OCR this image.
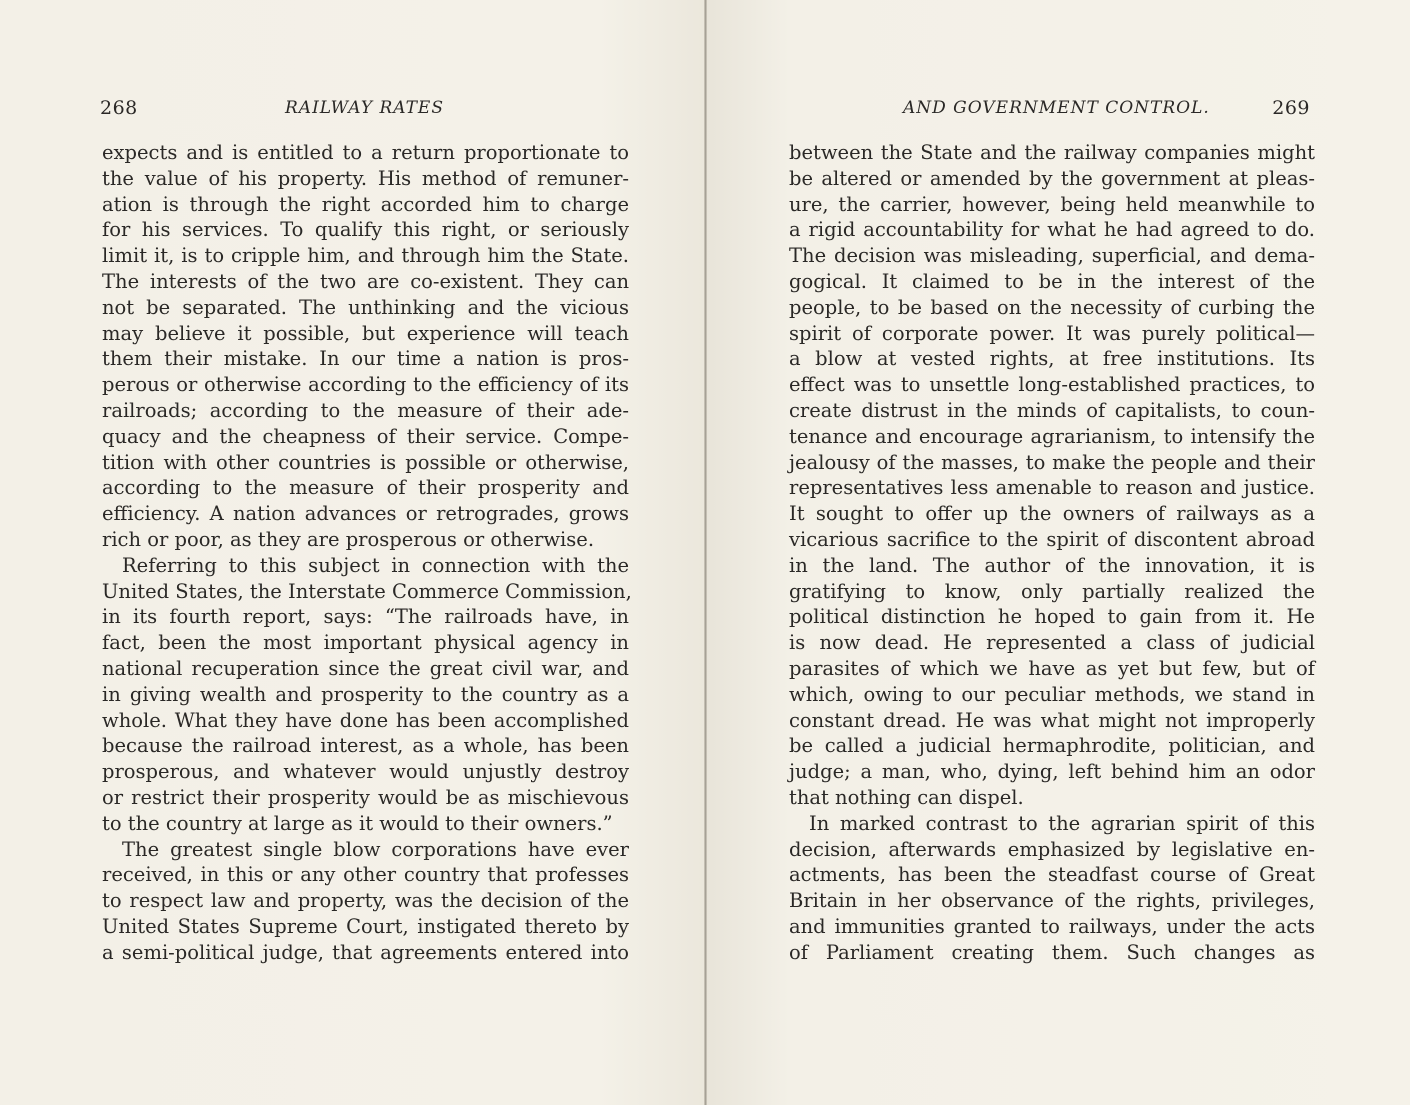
268	RAILWAY RATES
expects and is entitled to a return proportionate to
the value of his property. His method of remuner-
ation is through the right accorded him to charge
for his services. To qualify this right, or seriously
limit it, is to cripple him, and through him the State.
The interests of the two are co-existent. They can
not be separated. The unthinking and the vicious
may believe it possible, but experience will teach
them their mistake. In our time a nation is pros-
perous or otherwise according to the efficiency of its
railroads; according to the measure of their ade-
quacy and the cheapness of their service. Compe-
tition with other countries is possible or otherwise,
according to the measure of their prosperity and
efficiency. A nation advances or retrogrades, grows
rich or poor, as they are prosperous or otherwise.
Referring to this subject in connection with the
United States, the Interstate Commerce Commission,
in its fourth report, says: “The railroads have, in
fact, been the most important physical agency in
national recuperation since the great civil war, and
in giving wealth and prosperity to the country as a
whole. What they have done has been accomplished
because the railroad interest, as a whole, has been
prosperous, and whatever would unjustly destroy
or restrict their prosperity would be as mischievous
to the country at large as it would to their owners.”
The greatest single blow corporations have ever
received, in this or any other country that professes
to respect law and property, was the decision of the
United States Supreme Court, instigated thereto by
a semi-political judge, that agreements entered into
AND GOVERNMENT CONTROL.	269
between the State and the railway companies might
be altered or amended by the government at pleas-
ure, the carrier, however, being held meanwhile to
a rigid accountability for what he had agreed to do.
The decision was misleading, superficial, and dema-
gogical. It claimed to be in the interest of the
people, to be based on the necessity of curbing the
spirit of corporate power. It was purely political—
a blow at vested rights, at free institutions. Its
effect was to unsettle long-established practices, to
create distrust in the minds of capitalists, to coun-
tenance and encourage agrarianism, to intensify the
jealousy of the masses, to make the people and their
representatives less amenable to reason and justice.
It sought to offer up the owners of railways as a
vicarious sacrifice to the spirit of discontent abroad
in the land. The author of the innovation, it is
gratifying to know, only partially realized the
political distinction he hoped to gain from it. He
is now dead. He represented a class of judicial
parasites of which we have as yet but few, but of
which, owing to our peculiar methods, we stand in
constant dread. He was what might not improperly
be called a judicial hermaphrodite, politician, and
judge; a man, who, dying, left behind him an odor
that nothing can dispel.
In marked contrast to the agrarian spirit of this
decision, afterwards emphasized by legislative en-
actments, has been the steadfast course of Great
Britain in her observance of the rights, privileges,
and immunities granted to railways, under the acts
of Parliament creating them. Such changes as
